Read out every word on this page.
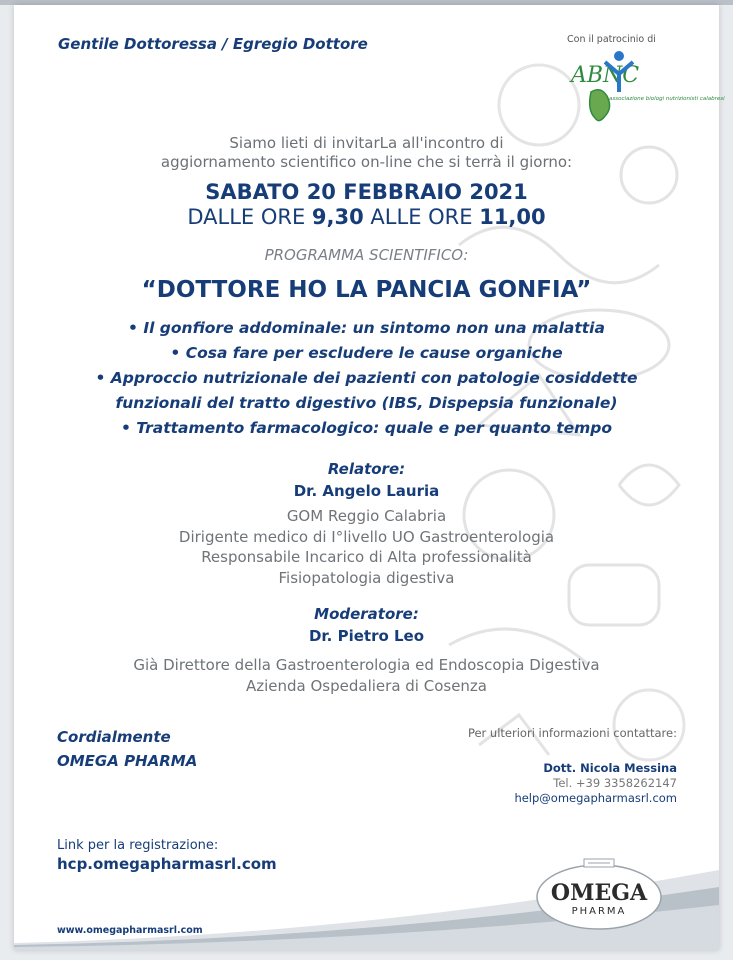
Gentile Dottoressa / Egregio Dottore	Con il patrocinio di
ABNC
associazione biologi nutrizionisti calabresi
Siamo lieti di invitarLa all'incontro di
aggiornamento scientifico on-line che si terrà il giorno:
SABATO 20 FEBBRAIO 2021
DALLE ORE 9,30 ALLE ORE 11,00
PROGRAMMA SCIENTIFICO:
“DOTTORE HO LA PANCIA GONFIA”
• Il gonfiore addominale: un sintomo non una malattia
• Cosa fare per escludere le cause organiche
• Approccio nutrizionale dei pazienti con patologie cosiddette
funzionali del tratto digestivo (IBS, Dispepsia funzionale)
• Trattamento farmacologico: quale e per quanto tempo
Relatore:
Dr. Angelo Lauria
GOM Reggio Calabria
Dirigente medico di I°livello UO Gastroenterologia
Responsabile Incarico di Alta professionalità
Fisiopatologia digestiva
Moderatore:
Dr. Pietro Leo
Già Direttore della Gastroenterologia ed Endoscopia Digestiva
Azienda Ospedaliera di Cosenza
Cordialmente
OMEGA PHARMA
Per ulteriori informazioni contattare:
Dott. Nicola Messina
Tel. +39 3358262147
help@omegapharmasrl.com
Link per la registrazione:
hcp.omegapharmasrl.com
www.omegapharmasrl.com
OMEGA
PHARMA
